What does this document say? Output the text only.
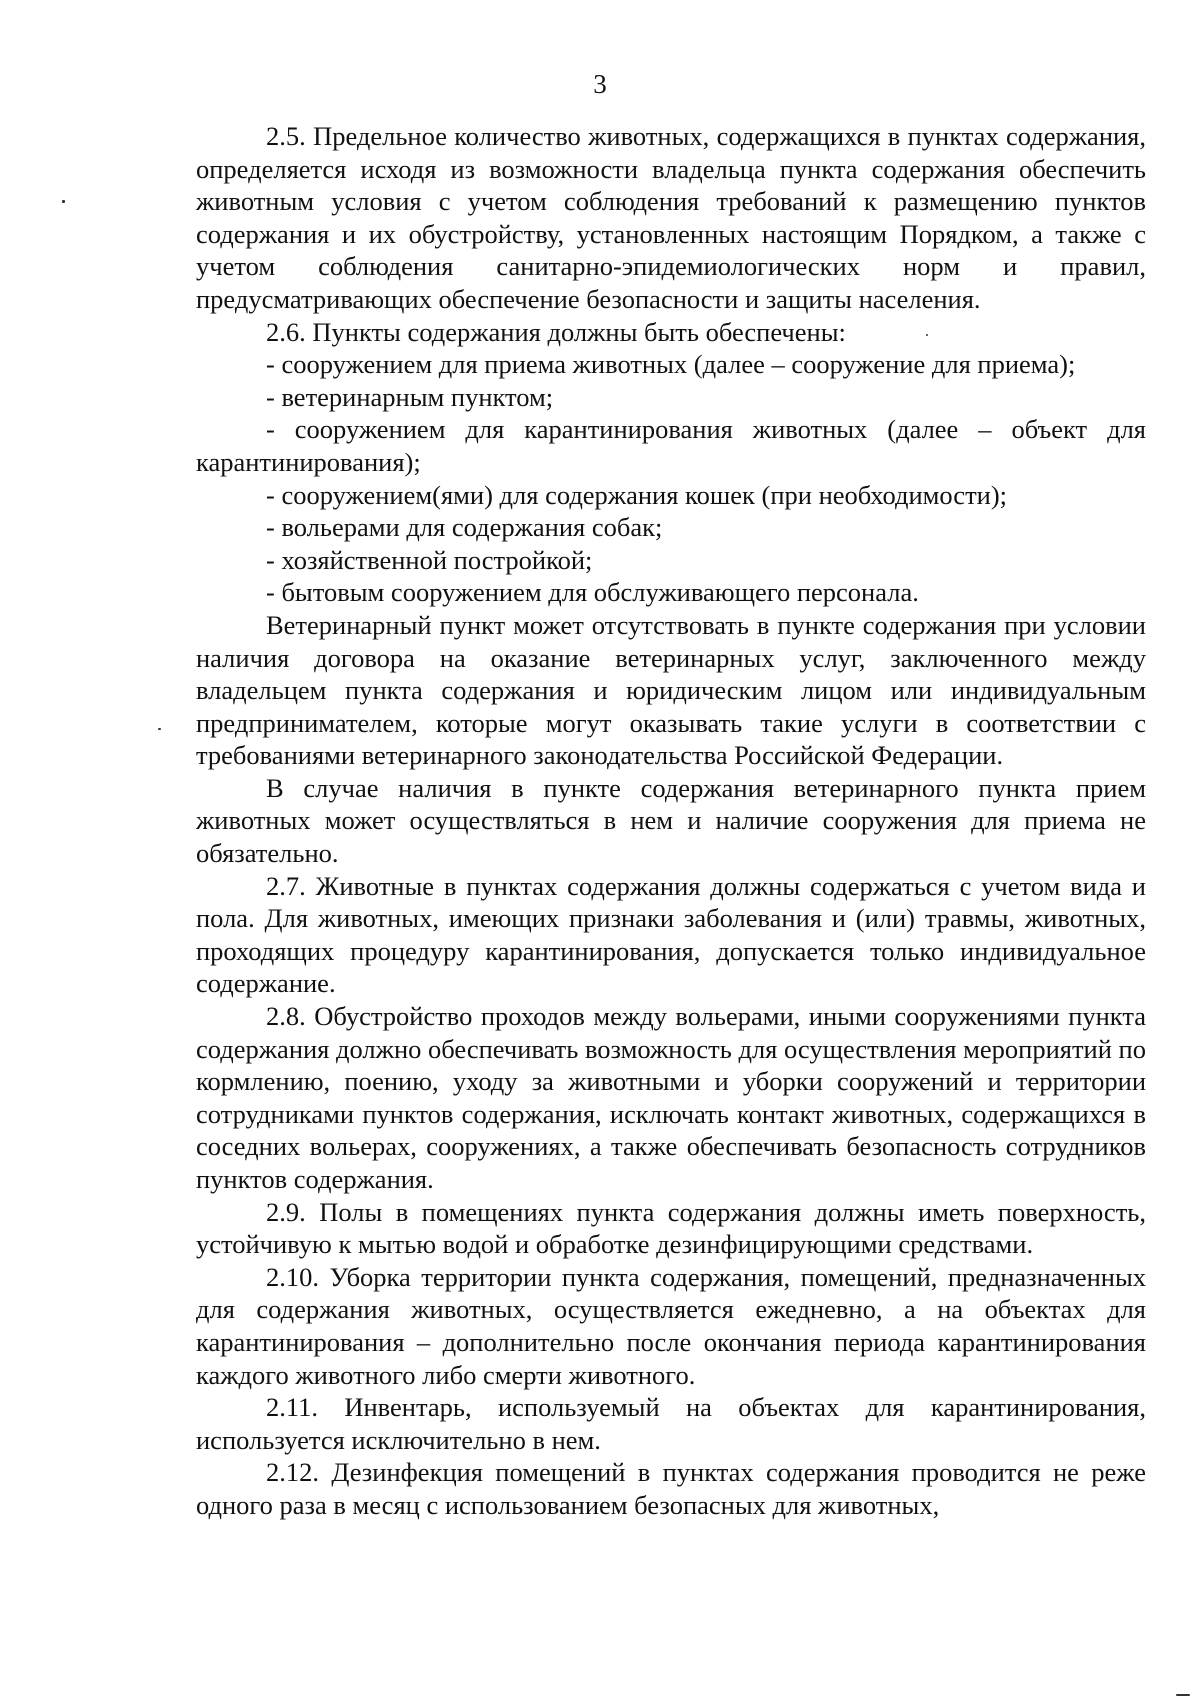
3

2.5. Предельное количество животных, содержащихся в пунктах содержания, определяется исходя из возможности владельца пункта содержания обеспечить животным условия с учетом соблюдения требований к размещению пунктов содержания и их обустройству, установленных настоящим Порядком, а также с учетом соблюдения санитарно-эпидемиологических норм и правил, предусматривающих обеспечение безопасности и защиты населения.

2.6. Пункты содержания должны быть обеспечены:

- сооружением для приема животных (далее – сооружение для приема);

- ветеринарным пунктом;

- сооружением для карантинирования животных (далее – объект для карантинирования);

- сооружением(ями) для содержания кошек (при необходимости);

- вольерами для содержания собак;

- хозяйственной постройкой;

- бытовым сооружением для обслуживающего персонала.

Ветеринарный пункт может отсутствовать в пункте содержания при условии наличия договора на оказание ветеринарных услуг, заключенного между владельцем пункта содержания и юридическим лицом или индивидуальным предпринимателем, которые могут оказывать такие услуги в соответствии с требованиями ветеринарного законодательства Российской Федерации.

В случае наличия в пункте содержания ветеринарного пункта прием животных может осуществляться в нем и наличие сооружения для приема не обязательно.

2.7. Животные в пунктах содержания должны содержаться с учетом вида и пола. Для животных, имеющих признаки заболевания и (или) травмы, животных, проходящих процедуру карантинирования, допускается только индивидуальное содержание.

2.8. Обустройство проходов между вольерами, иными сооружениями пункта содержания должно обеспечивать возможность для осуществления мероприятий по кормлению, поению, уходу за животными и уборки сооружений и территории сотрудниками пунктов содержания, исключать контакт животных, содержащихся в соседних вольерах, сооружениях, а также обеспечивать безопасность сотрудников пунктов содержания.

2.9. Полы в помещениях пункта содержания должны иметь поверхность, устойчивую к мытью водой и обработке дезинфицирующими средствами.

2.10. Уборка территории пункта содержания, помещений, предназначенных для содержания животных, осуществляется ежедневно, а на объектах для карантинирования – дополнительно после окончания периода карантинирования каждого животного либо смерти животного.

2.11. Инвентарь, используемый на объектах для карантинирования, используется исключительно в нем.

2.12. Дезинфекция помещений в пунктах содержания проводится не реже одного раза в месяц с использованием безопасных для животных,
